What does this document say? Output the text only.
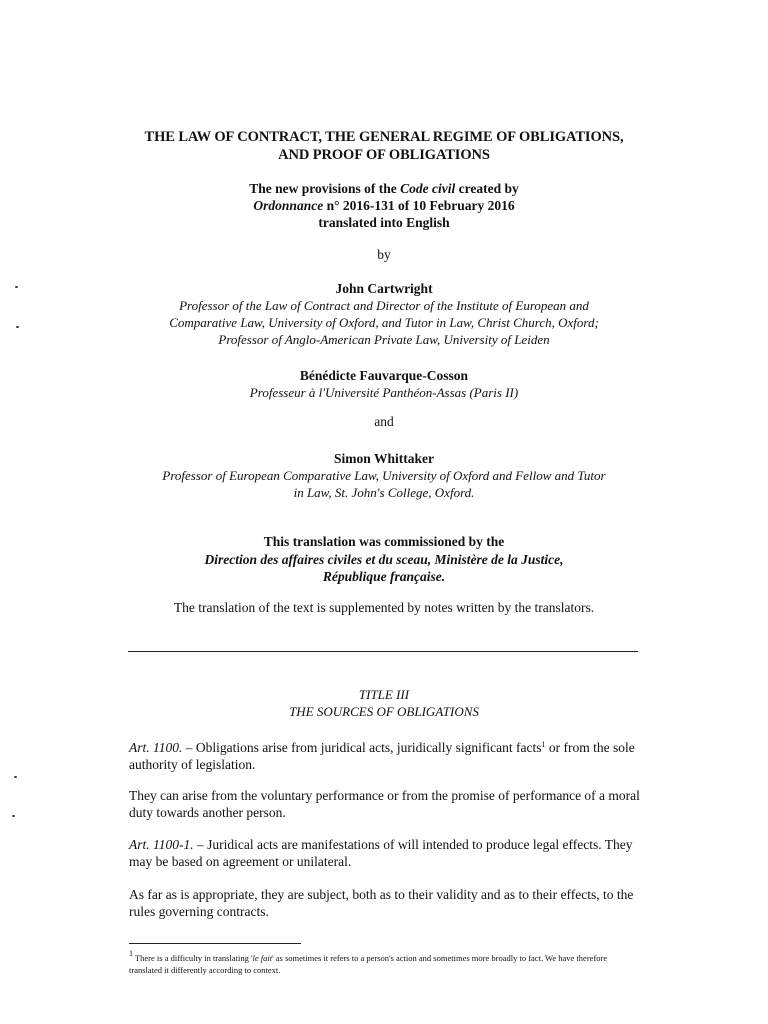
THE LAW OF CONTRACT, THE GENERAL REGIME OF OBLIGATIONS,
AND PROOF OF OBLIGATIONS
The new provisions of the Code civil created by
Ordonnance n° 2016-131 of 10 February 2016
translated into English
by
John Cartwright
Professor of the Law of Contract and Director of the Institute of European and
Comparative Law, University of Oxford, and Tutor in Law, Christ Church, Oxford;
Professor of Anglo-American Private Law, University of Leiden
Bénédicte Fauvarque-Cosson
Professeur à l'Université Panthéon-Assas (Paris II)
and
Simon Whittaker
Professor of European Comparative Law, University of Oxford and Fellow and Tutor
in Law, St. John's College, Oxford.
This translation was commissioned by the
Direction des affaires civiles et du sceau, Ministère de la Justice,
République française.
The translation of the text is supplemented by notes written by the translators.
TITLE III
THE SOURCES OF OBLIGATIONS
Art. 1100. – Obligations arise from juridical acts, juridically significant facts$^1$ or from the sole authority of legislation.
They can arise from the voluntary performance or from the promise of performance of a moral duty towards another person.
Art. 1100-1. – Juridical acts are manifestations of will intended to produce legal effects. They may be based on agreement or unilateral.
As far as is appropriate, they are subject, both as to their validity and as to their effects, to the rules governing contracts.
$^1$ There is a difficulty in translating 'le fait' as sometimes it refers to a person's action and sometimes more broadly to fact. We have therefore translated it differently according to context.
